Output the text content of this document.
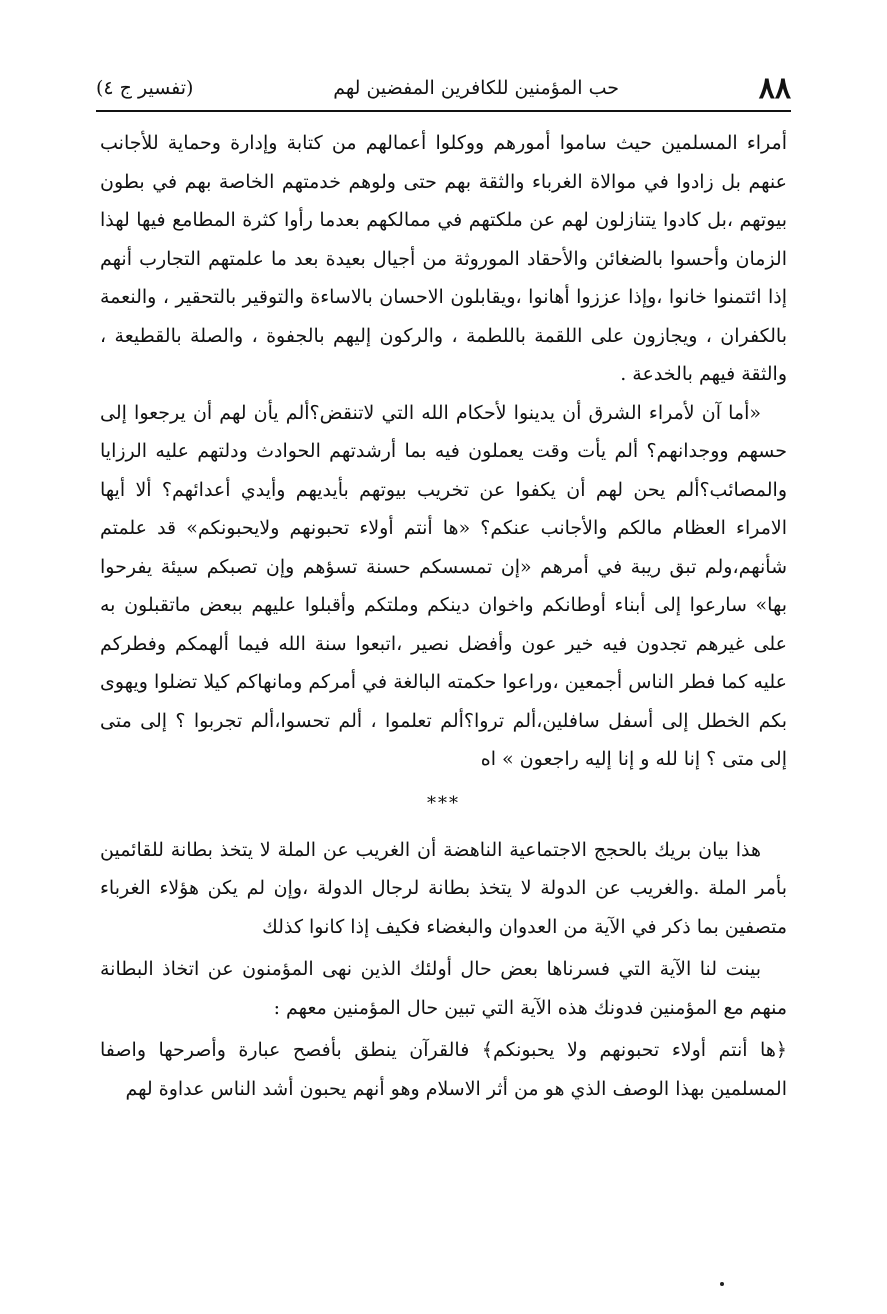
٨٨
حب المؤمنين للكافرين المفضين لهم
(تفسير ج ٤)

أمراء المسلمين حيث ساموا أمورهم ووكلوا أعمالهم من كتابة وإدارة وحماية للأجانب عنهم بل زادوا في موالاة الغرباء والثقة بهم حتى ولوهم خدمتهم الخاصة بهم في بطون بيوتهم ،بل كادوا يتنازلون لهم عن ملكتهم في ممالكهم بعدما رأوا كثرة المطامع فيها لهذا الزمان وأحسوا بالضغائن والأحقاد الموروثة من أجيال بعيدة بعد ما علمتهم التجارب أنهم إذا ائتمنوا خانوا ،وإذا عززوا أهانوا ،ويقابلون الاحسان بالاساءة والتوقير بالتحقير ، والنعمة بالكفران ، ويجازون على اللقمة باللطمة ، والركون إليهم بالجفوة ، والصلة بالقطيعة ، والثقة فيهم بالخدعة .

«أما آن لأمراء الشرق أن يدينوا لأحكام الله التي لاتنقض؟ألم يأن لهم أن يرجعوا إلى حسهم ووجدانهم؟ ألم يأت وقت يعملون فيه بما أرشدتهم الحوادث ودلتهم عليه الرزايا والمصائب؟ألم يحن لهم أن يكفوا عن تخريب بيوتهم بأيديهم وأيدي أعدائهم؟ ألا أيها الامراء العظام مالكم والأجانب عنكم؟ «ها أنتم أولاء تحبونهم ولايحبونكم» قد علمتم شأنهم،ولم تبق ريبة في أمرهم «إن تمسسكم حسنة تسؤهم وإن تصبكم سيئة يفرحوا بها» سارعوا إلى أبناء أوطانكم واخوان دينكم وملتكم وأقبلوا عليهم ببعض ماتقبلون به على غيرهم تجدون فيه خير عون وأفضل نصير ،اتبعوا سنة الله فيما ألهمكم وفطركم عليه كما فطر الناس أجمعين ،وراعوا حكمته البالغة في أمركم ومانهاكم كيلا تضلوا ويهوى بكم الخطل إلى أسفل سافلين،ألم تروا؟ألم تعلموا ، ألم تحسوا،ألم تجربوا ؟ إلى متى إلى متى ؟ إنا لله و إنا إليه راجعون » اه

***

هذا بيان بريك بالحجج الاجتماعية الناهضة أن الغريب عن الملة لا يتخذ بطانة للقائمين بأمر الملة .والغريب عن الدولة لا يتخذ بطانة لرجال الدولة ،وإن لم يكن هؤلاء الغرباء متصفين بما ذكر في الآية من العدوان والبغضاء فكيف إذا كانوا كذلك

بينت لنا الآية التي فسرناها بعض حال أولئك الذين نهى المؤمنون عن اتخاذ البطانة منهم مع المؤمنين فدونك هذه الآية التي تبين حال المؤمنين معهم :

﴿ها أنتم أولاء تحبونهم ولا يحبونكم﴾ فالقرآن ينطق بأفصح عبارة وأصرحها واصفا المسلمين بهذا الوصف الذي هو من أثر الاسلام وهو أنهم يحبون أشد الناس عداوة لهم
